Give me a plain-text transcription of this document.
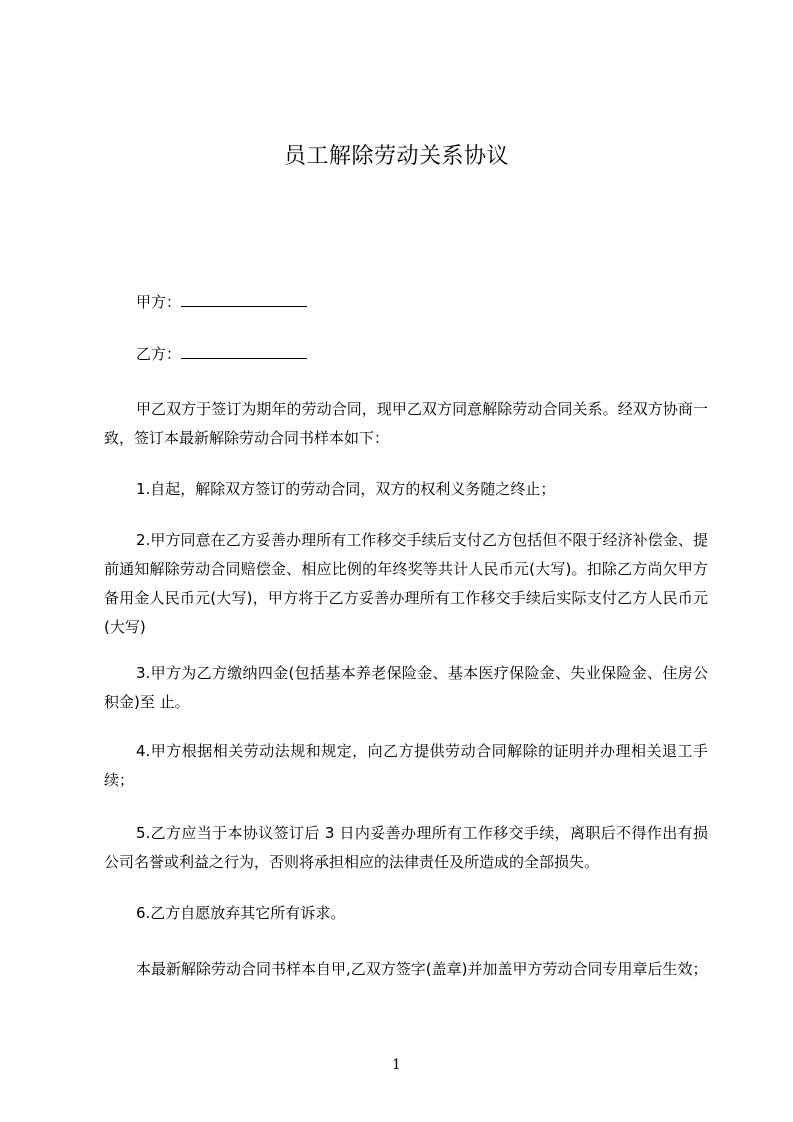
员工解除劳动关系协议
甲方：
乙方：
甲乙双方于签订为期年的劳动合同，现甲乙双方同意解除劳动合同关系。经双方协商一致，签订本最新解除劳动合同书样本如下：
1.自起，解除双方签订的劳动合同，双方的权利义务随之终止；
2.甲方同意在乙方妥善办理所有工作移交手续后支付乙方包括但不限于经济补偿金、提前通知解除劳动合同赔偿金、相应比例的年终奖等共计人民币元(大写)。扣除乙方尚欠甲方备用金人民币元(大写)，甲方将于乙方妥善办理所有工作移交手续后实际支付乙方人民币元(大写)
3.甲方为乙方缴纳四金(包括基本养老保险金、基本医疗保险金、失业保险金、住房公积金)至 止。
4.甲方根据相关劳动法规和规定，向乙方提供劳动合同解除的证明并办理相关退工手续；
5.乙方应当于本协议签订后 3 日内妥善办理所有工作移交手续，离职后不得作出有损公司名誉或利益之行为，否则将承担相应的法律责任及所造成的全部损失。
6.乙方自愿放弃其它所有诉求。
本最新解除劳动合同书样本自甲,乙双方签字(盖章)并加盖甲方劳动合同专用章后生效；
1
